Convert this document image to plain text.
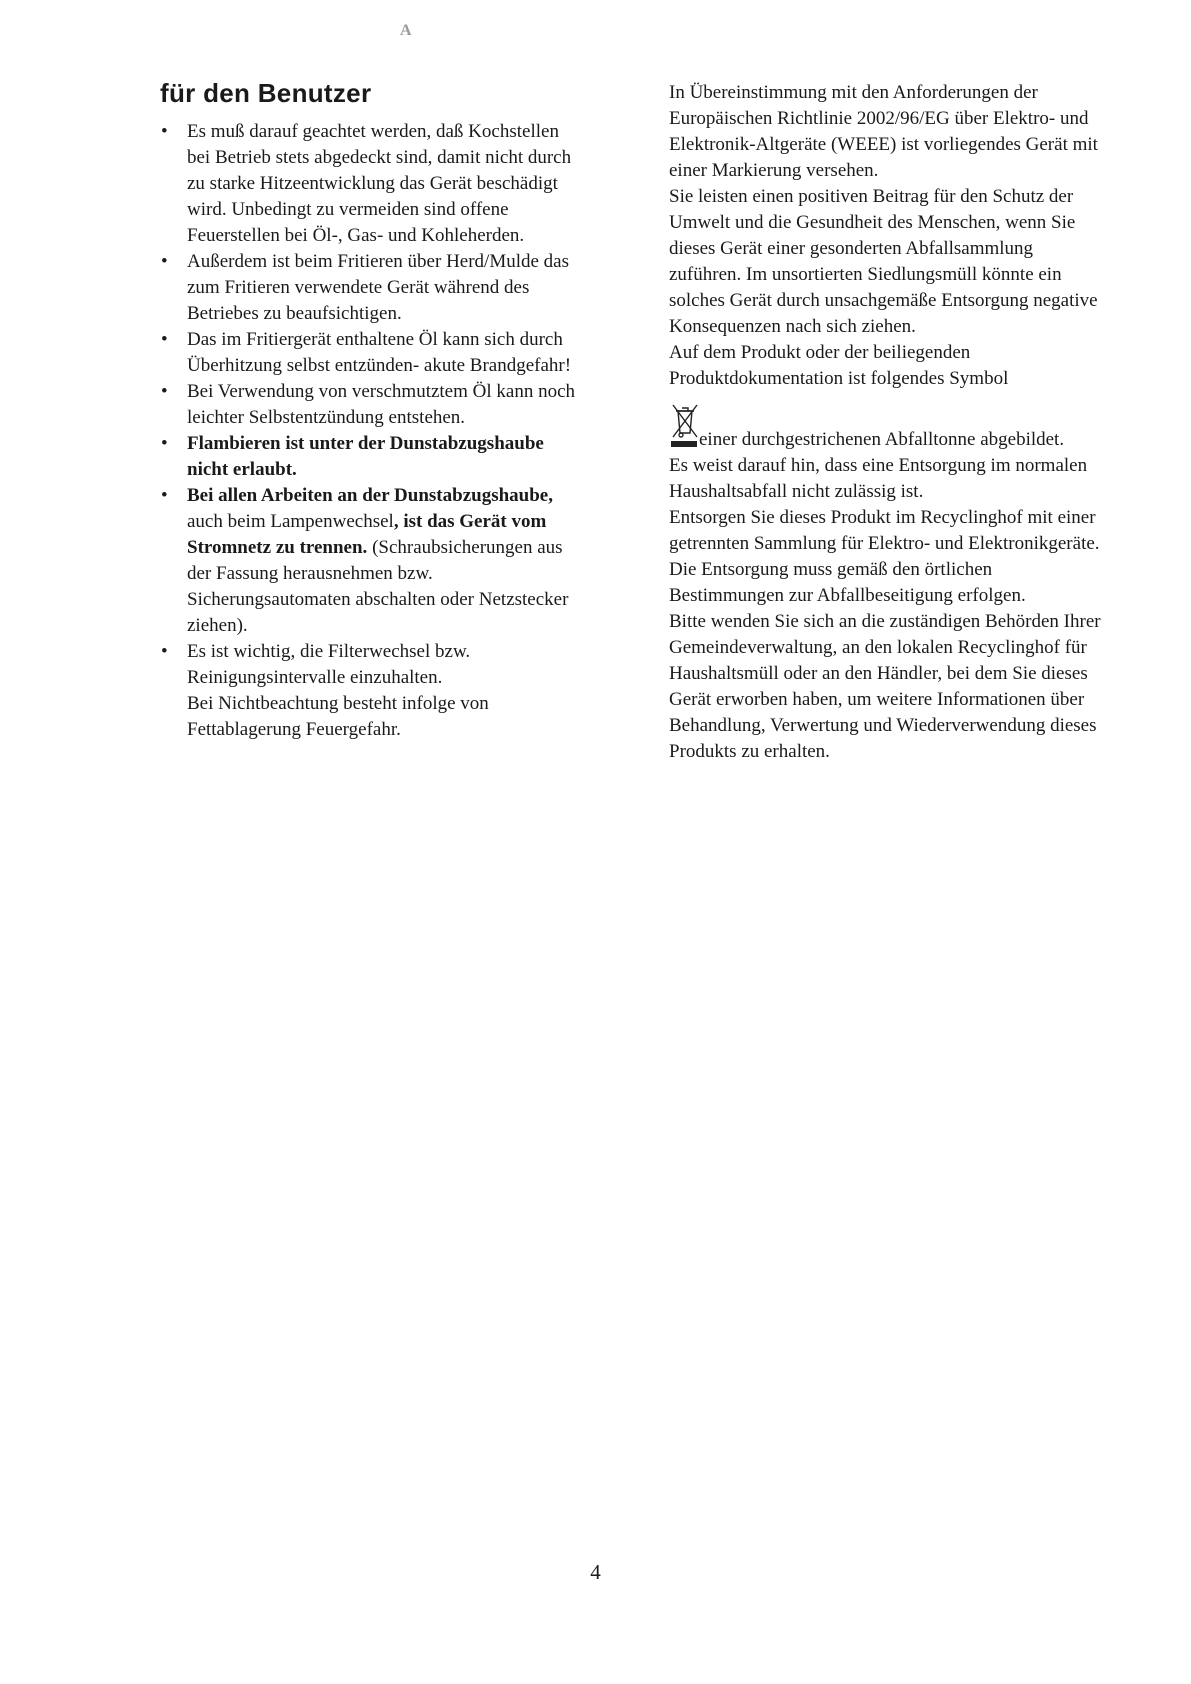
A
für den Benutzer
• Es muß darauf geachtet werden, daß Kochstellen bei Betrieb stets abgedeckt sind, damit nicht durch zu starke Hitzeentwicklung das Gerät beschädigt wird. Unbedingt zu vermeiden sind offene Feuerstellen bei Öl-, Gas- und Kohleherden.
• Außerdem ist beim Fritieren über Herd/Mulde das zum Fritieren verwendete Gerät während des Betriebes zu beaufsichtigen.
• Das im Fritiergerät enthaltene Öl kann sich durch Überhitzung selbst entzünden- akute Brandgefahr!
• Bei Verwendung von verschmutztem Öl kann noch leichter Selbstentzündung entstehen.
• Flambieren ist unter der Dunstabzugshaube nicht erlaubt.
• Bei allen Arbeiten an der Dunstabzugshaube, auch beim Lampenwechsel, ist das Gerät vom Stromnetz zu trennen. (Schraubsicherungen aus der Fassung herausnehmen bzw. Sicherungsautomaten abschalten oder Netzstecker ziehen).
• Es ist wichtig, die Filterwechsel bzw. Reinigungsintervalle einzuhalten.
Bei Nichtbeachtung besteht infolge von Fettablagerung Feuergefahr.

In Übereinstimmung mit den Anforderungen der Europäischen Richtlinie 2002/96/EG über Elektro- und Elektronik-Altgeräte (WEEE) ist vorliegendes Gerät mit einer Markierung versehen.

Sie leisten einen positiven Beitrag für den Schutz der Umwelt und die Gesundheit des Menschen, wenn Sie dieses Gerät einer gesonderten Abfallsammlung zuführen. Im unsortierten Siedlungsmüll könnte ein solches Gerät durch unsachgemäße Entsorgung negative Konsequenzen nach sich ziehen.

Auf dem Produkt oder der beiliegenden Produktdokumentation ist folgendes Symbol

einer durchgestrichenen Abfalltonne abgebildet.

Es weist darauf hin, dass eine Entsorgung im normalen Haushaltsabfall nicht zulässig ist.

Entsorgen Sie dieses Produkt im Recyclinghof mit einer getrennten Sammlung für Elektro- und Elektronikgeräte.

Die Entsorgung muss gemäß den örtlichen Bestimmungen zur Abfallbeseitigung erfolgen.

Bitte wenden Sie sich an die zuständigen Behörden Ihrer Gemeindeverwaltung, an den lokalen Recyclinghof für Haushaltsmüll oder an den Händler, bei dem Sie dieses Gerät erworben haben, um weitere Informationen über Behandlung, Verwertung und Wiederverwendung dieses Produkts zu erhalten.

4
